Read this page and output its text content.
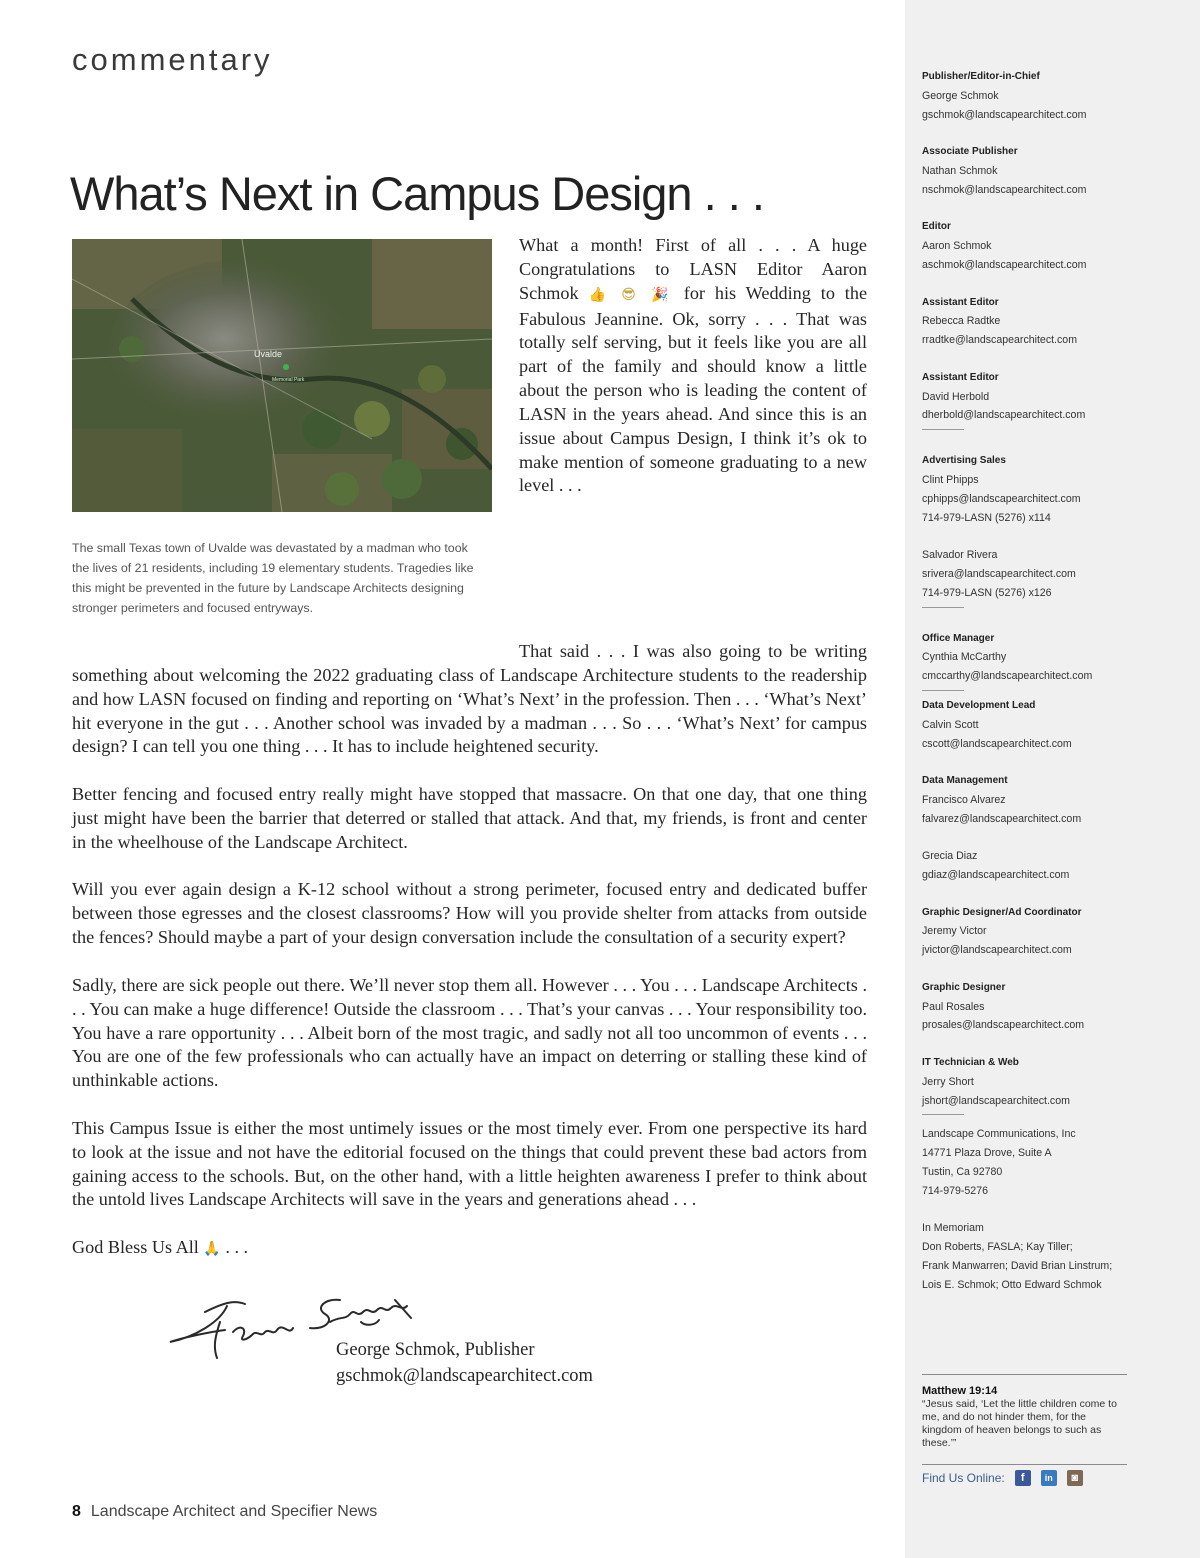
commentary
What’s Next in Campus Design . . .
Uvalde
Memorial Park

The small Texas town of Uvalde was devastated by a madman who took the lives of 21 residents, including 19 elementary students. Tragedies like this might be prevented in the future by Landscape Architects designing stronger perimeters and focused entryways.

What a month! First of all . . . A huge Congratulations to LASN Editor Aaron Schmok 👍 😎 🎉 for his Wedding to the Fabulous Jeannine. Ok, sorry . . . That was totally self serving, but it feels like you are all part of the family and should know a little about the person who is leading the content of LASN in the years ahead. And since this is an issue about Campus Design, I think it’s ok to make mention of someone graduating to a new level . . .

That said . . . I was also going to be writing something about welcoming the 2022 graduating class of Landscape Architecture students to the readership and how LASN focused on finding and reporting on ‘What’s Next’ in the profession. Then . . . ‘What’s Next’ hit everyone in the gut . . . Another school was invaded by a madman . . . So . . . ‘What’s Next’ for campus design? I can tell you one thing . . . It has to include heightened security.

Better fencing and focused entry really might have stopped that massacre. On that one day, that one thing just might have been the barrier that deterred or stalled that attack. And that, my friends, is front and center in the wheelhouse of the Landscape Architect.

Will you ever again design a K-12 school without a strong perimeter, focused entry and dedicated buffer between those egresses and the closest classrooms? How will you provide shelter from attacks from outside the fences? Should maybe a part of your design conversation include the consultation of a security expert?

Sadly, there are sick people out there. We’ll never stop them all. However . . . You . . . Landscape Architects . . . You can make a huge difference! Outside the classroom . . . That’s your canvas . . . Your responsibility too. You have a rare opportunity . . . Albeit born of the most tragic, and sadly not all too uncommon of events . . . You are one of the few professionals who can actually have an impact on deterring or stalling these kind of unthinkable actions.

This Campus Issue is either the most untimely issues or the most timely ever. From one perspective its hard to look at the issue and not have the editorial focused on the things that could prevent these bad actors from gaining access to the schools. But, on the other hand, with a little heighten awareness I prefer to think about the untold lives Landscape Architects will save in the years and generations ahead . . .

God Bless Us All 🙏 . . .

George Schmok, Publisher

gschmok@landscapearchitect.com

8 Landscape Architect and Specifier News
Publisher/Editor-in-Chief
George Schmok
gschmok@landscapearchitect.com
Associate Publisher
Nathan Schmok
nschmok@landscapearchitect.com
Editor
Aaron Schmok
aschmok@landscapearchitect.com
Assistant Editor
Rebecca Radtke
rradtke@landscapearchitect.com
Assistant Editor
David Herbold
dherbold@landscapearchitect.com
Advertising Sales
Clint Phipps
cphipps@landscapearchitect.com
714-979-LASN (5276) x114
Salvador Rivera
srivera@landscapearchitect.com
714-979-LASN (5276) x126
Office Manager
Cynthia McCarthy
cmccarthy@landscapearchitect.com
Data Development Lead
Calvin Scott
cscott@landscapearchitect.com
Data Management
Francisco Alvarez
falvarez@landscapearchitect.com
Grecia Diaz
gdiaz@landscapearchitect.com
Graphic Designer/Ad Coordinator
Jeremy Victor
jvictor@landscapearchitect.com
Graphic Designer
Paul Rosales
prosales@landscapearchitect.com
IT Technician & Web
Jerry Short
jshort@landscapearchitect.com
Landscape Communications, Inc
14771 Plaza Drove, Suite A
Tustin, Ca 92780
714-979-5276
In Memoriam
Don Roberts, FASLA; Kay Tiller;
Frank Manwarren; David Brian Linstrum;
Lois E. Schmok; Otto Edward Schmok
Matthew 19:14
“Jesus said, ‘Let the little children come to me, and do not hinder them, for the kingdom of heaven belongs to such as these.’”
Find Us Online:	f	in	◙
